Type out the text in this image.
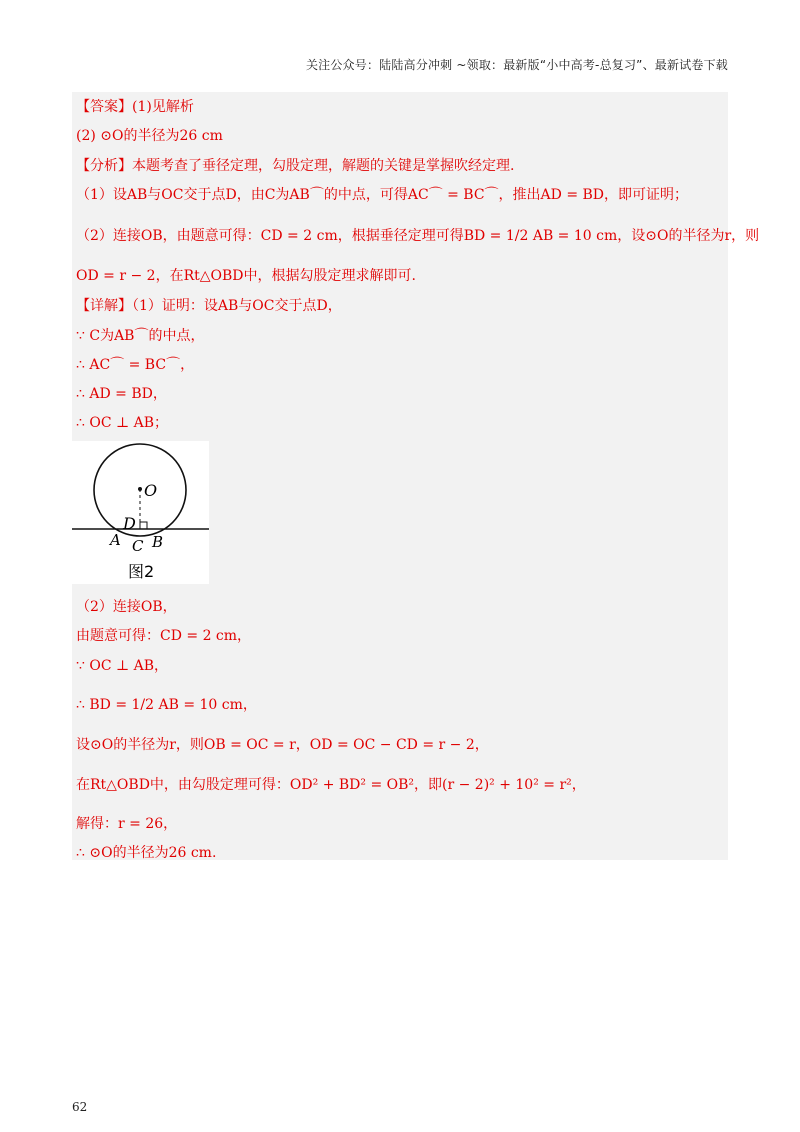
关注公众号：陆陆高分冲刺 ~领取：最新版“小中高考-总复习”、最新试卷下载
【答案】(1)见解析
(2) ⊙O的半径为26 cm
【分析】本题考查了垂径定理，勾股定理，解题的关键是掌握吹经定理.
（1）设AB与OC交于点D，由C为AB⌒的中点，可得AC⌒ = BC⌒，推出AD = BD，即可证明；
（2）连接OB，由题意可得：CD = 2 cm，根据垂径定理可得BD = 1/2 AB = 10 cm，设⊙O的半径为r，则
OD = r − 2，在Rt△OBD中，根据勾股定理求解即可.
【详解】（1）证明：设AB与OC交于点D，
∵ C为AB⌒的中点，
∴ AC⌒ = BC⌒，
∴ AD = BD，
∴ OC ⊥ AB；
O
D
A C B
图2
（2）连接OB，
由题意可得：CD = 2 cm，
∵ OC ⊥ AB，
∴ BD = 1/2 AB = 10 cm，
设⊙O的半径为r，则OB = OC = r，OD = OC − CD = r − 2，
在Rt△OBD中，由勾股定理可得：OD² + BD² = OB²，即(r − 2)² + 10² = r²，
解得：r = 26，
∴ ⊙O的半径为26 cm.
62
